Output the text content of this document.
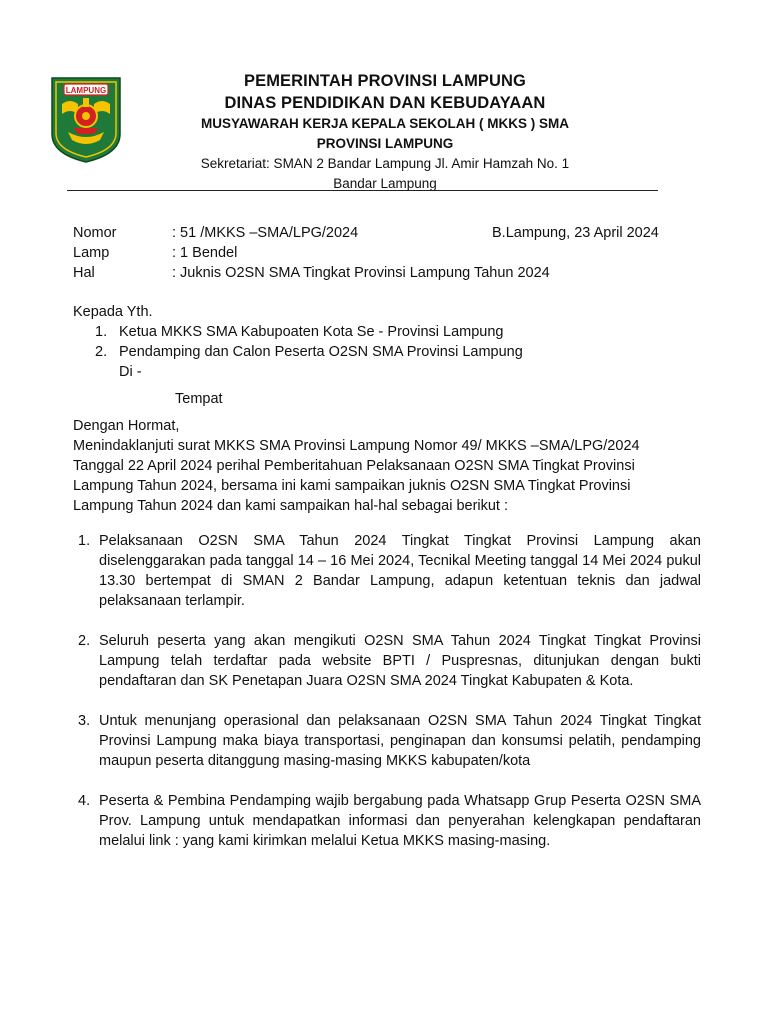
LAMPUNG
PEMERINTAH PROVINSI LAMPUNG
DINAS PENDIDIKAN DAN KEBUDAYAAN
MUSYAWARAH KERJA KEPALA SEKOLAH ( MKKS ) SMA
PROVINSI LAMPUNG
Sekretariat: SMAN 2 Bandar Lampung Jl. Amir Hamzah No. 1
Bandar Lampung
Nomor	: 51 /MKKS –SMA/LPG/2024	B.Lampung, 23 April 2024
Lamp	: 1 Bendel
Hal	: Juknis O2SN SMA Tingkat Provinsi Lampung Tahun 2024
Kepada Yth.
1. Ketua MKKS SMA Kabupoaten Kota Se - Provinsi Lampung
2. Pendamping dan Calon Peserta O2SN SMA Provinsi Lampung
Di -
Tempat

Dengan Hormat,

Menindaklanjuti surat MKKS SMA Provinsi Lampung Nomor 49/ MKKS –SMA/LPG/2024

Tanggal 22 April 2024 perihal Pemberitahuan Pelaksanaan O2SN SMA Tingkat Provinsi

Lampung Tahun 2024, bersama ini kami sampaikan juknis O2SN SMA Tingkat Provinsi

Lampung Tahun 2024 dan kami sampaikan hal-hal sebagai berikut :

1. Pelaksanaan O2SN SMA Tahun 2024 Tingkat Tingkat Provinsi Lampung akan diselenggarakan pada tanggal 14 – 16 Mei 2024, Tecnikal Meeting tanggal 14 Mei 2024 pukul 13.30 bertempat di SMAN 2 Bandar Lampung, adapun ketentuan teknis dan jadwal pelaksanaan terlampir.
2. Seluruh peserta yang akan mengikuti O2SN SMA Tahun 2024 Tingkat Tingkat Provinsi Lampung telah terdaftar pada website BPTI / Puspresnas, ditunjukan dengan bukti pendaftaran dan SK Penetapan Juara O2SN SMA 2024 Tingkat Kabupaten & Kota.
3. Untuk menunjang operasional dan pelaksanaan O2SN SMA Tahun 2024 Tingkat Tingkat Provinsi Lampung maka biaya transportasi, penginapan dan konsumsi pelatih, pendamping maupun peserta ditanggung masing-masing MKKS kabupaten/kota
4. Peserta & Pembina Pendamping wajib bergabung pada Whatsapp Grup Peserta O2SN SMA Prov. Lampung untuk mendapatkan informasi dan penyerahan kelengkapan pendaftaran melalui link : yang kami kirimkan melalui Ketua MKKS masing-masing.
